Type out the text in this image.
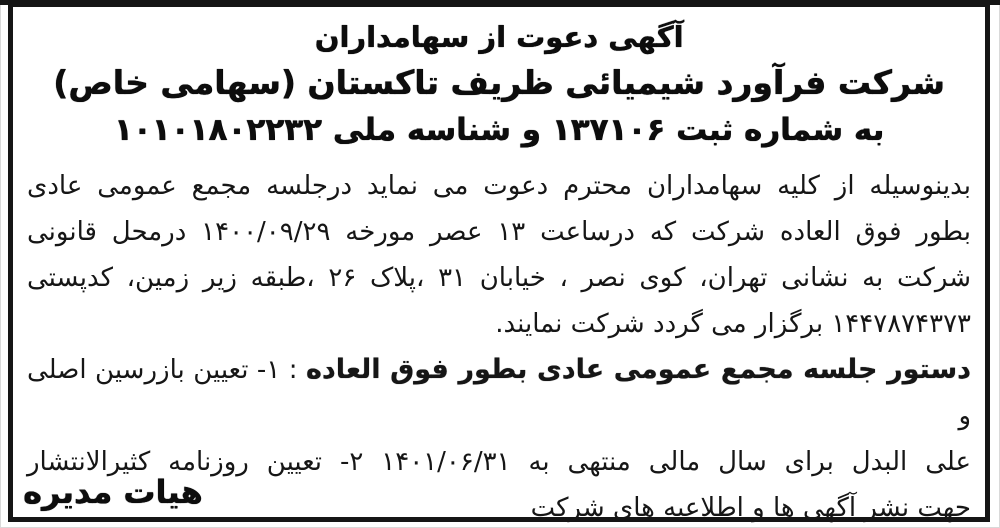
آگهی دعوت از سهامداران
شرکت فرآورد شیمیائی ظریف تاکستان (سهامی خاص)
به شماره ثبت ۱۳۷۱۰۶ و شناسه ملی ۱۰۱۰۱۸۰۲۲۳۲
بدینوسیله از کلیه سهامداران محترم دعوت می نماید درجلسه مجمع عمومی عادی
بطور فوق العاده شرکت که درساعت ۱۳ عصر مورخه ۱۴۰۰/۰۹/۲۹ درمحل قانونی
شرکت به نشانی تهران، کوی نصر ، خیابان ۳۱ ،پلاک ۲۶ ،طبقه زیر زمین، کدپستی
۱۴۴۷۸۷۴۳۷۳ برگزار می گردد شرکت نمایند.
دستور جلسه مجمع عمومی عادی بطور فوق العاده : ۱- تعیین بازرسین اصلی و
علی البدل برای سال مالی منتهی به ۱۴۰۱/۰۶/۳۱ ۲- تعیین روزنامه کثیرالانتشار
جهت نشر آگهی ها و اطلاعیه های شرکت
هیات مدیره
